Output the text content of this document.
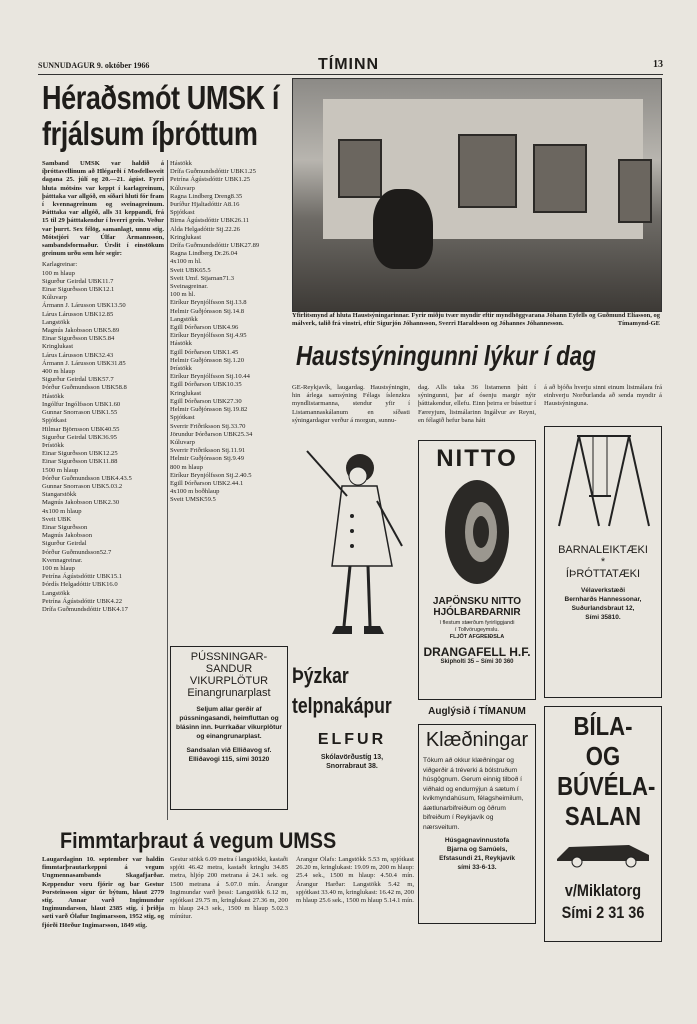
SUNNUDAGUR 9. október 1966	TÍMINN	13
Héraðsmót UMSK í
frjálsum íþróttum

Samband UMSK var haldið á íþróttavellinum að Hlégarði í Mosfellssveit dagana 25. júlí og 20.—21. ágúst. Fyrri hluta mótsins var keppt í karlagreinum, þátttaka var allgóð, en síðari hluti fór fram í kvennagreinum og sveinagreinum. Þátttaka var allgóð, alls 31 keppandi, frá 15 til 29 þátttakendur í hverri grein. Veður var þurrt. Sex félög, samanlagt, unnu stig. Mótstjóri var Úlfar Ármannsson, sambandsformaður. Úrslit í einstökum greinum urðu sem hér segir:

Karlagreinar:
100 m hlaup
Sigurður Geirdal UBK11.7
Einar Sigurðsson UBK12.1
Kúluvarp
Ármann J. Lárusson UBK13.50
Lárus Lárusson UBK12.85
Langstökk
Magnús Jakobsson UBK5.89
Einar Sigurðsson UBK5.84
Kringlukast
Lárus Lárusson UBK32.43
Ármann J. Lárusson UBK31.85
400 m hlaup
Sigurður Geirdal UBK57.7
Þórður Guðmundsson UBK58.8
Hástökk
Ingólfur Ingólfsson UBK1.60
Gunnar Snorrason UBK1.55
Spjótkast
Hilmar Björnsson UBK40.55
Sigurður Geirdal UBK36.95
Þrístökk
Einar Sigurðsson UBK12.25
Einar Sigurðsson UBK11.88
1500 m hlaup
Þórður Guðmundsson UBK4.43.5
Gunnar Snorrason UBK5.03.2
Stangarstökk
Magnús Jakobsson UBK2.30
4x100 m hlaup
Sveit UBK
Einar Sigurðsson
Magnús Jakobsson
Sigurður Geirdal
Þórður Guðmundsson52.7
Kvennagreinar.
100 m hlaup
Petrína Ágústsdóttir UBK15.1
Þórdís Helgadóttir UBK16.0
Langstökk
Petrína Ágústsdóttir UBK4.22
Drífa Guðmundsdóttir UBK4.17
Hástökk
Drífa Guðmundsdóttir UBK1.25
Petrína Ágústsdóttir UBK1.25
Kúluvarp
Ragna Lindberg Dreng8.35
Þuríður Hjaltadóttir A8.16
Spjótkast
Birna Ágústsdóttir UBK26.11
Alda Helgadóttir Stj.22.26
Kringlukast
Drífa Guðmundsdóttir UBK27.89
Ragna Lindberg Dr.26.04
4x100 m hl.
Sveit UBK65.5
Sveit Umf. Stjarnan71.3
Sveinagreinar.
100 m hl.
Eiríkur Brynjólfsson Stj.13.8
Helmir Guðjónsson Stj.14.8
Langstökk
Egill Þórðarson UBK4.96
Eiríkur Brynjólfsson Stj.4.95
Hástökk
Egill Þórðarson UBK1.45
Helmir Guðjónsson Stj.1.20
Þrístökk
Eiríkur Brynjólfsson Stj.10.44
Egill Þórðarson UBK10.35
Kringlukast
Egill Þórðarson UBK27.30
Helmir Guðjónsson Stj.19.82
Spjótkast
Sverrir Friðriksson Stj.33.70
Jörundur Þórðarson UBK25.34
Kúluvarp
Sverrir Friðriksson Stj.11.91
Helmir Guðjónsson Stj.9.49
800 m hlaup
Eiríkur Brynjólfsson Stj.2.40.5
Egill Þórðarson UBK2.44.1
4x100 m boðhlaup
Sveit UMSK59.5
Yfirlitsmynd af hluta Haustsýningarinnar. Fyrir miðju tvær myndir eftir myndhöggvarana Jóhann Eyfells og Guðmund Elíasson, og málverk, talið frá vinstri, eftir Sigurjón Jóhannsson, Sverri Haraldsson og Jóhannes Jóhannesson.	Tímamynd-GE
Haustsýningunni lýkur í dag

GE-Reykjavík, laugardag. Haustsýningin, hin árlega samsýning Félags íslenzkra myndlistarmanna, stendur yfir í Listamannaskálanum en síðasti sýningardagur verður á morgun, sunnu-

dag. Alls taka 36 listamenn þátt í sýningunni, þar af ósenju margir nýir þátttakendur, ellefu. Einn þeirra er búsettur í Færeyjum, listmálarinn Ingálvur av Reyni, en félagið hefur bana hátt

á að bjóða hverju sinni einum listmálara frá einhverju Norðurlanda að senda myndir á Haustsýninguna.

Þýzkar
telpnakápur
ELFUR
Skólavörðustíg 13,
Snorrabraut 38.
PÚSSNINGAR-
SANDUR
VIKURPLÖTUR
Einangrunarplast
Seljum allar gerðir af pússningasandi, heimfluttan og blásinn inn. Þurrkaðar vikurplötur og einangrunarplast.
Sandsalan við Elliðavog sf.
Elliðavogi 115, sími 30120
NITTO
JAPÖNSKU NITTO
HJÓLBARÐARNIR
í flestum stærðum fyrirliggjandi
í Tollvörugeymslu.
FLJÓT AFGREIÐSLA
DRANGAFELL H.F.
Skipholti 35 – Sími 30 360
BARNALEIKTÆKI
*
ÍÞRÓTTATÆKI
Vélaverkstæði
Bernharðs Hannessonar,
Suðurlandsbraut 12,
Sími 35810.
Auglýsið í TÍMANUM
Klæðningar
Tökum að okkur klæðningar og viðgerðir á tréverki á bólstruðum húsgögnum. Gerum einnig tilboð í viðhald og endurnýjun á sætum í kvikmyndahúsum, félagsheimilum, áætlunarbifreiðum og öðrum bifreiðum í Reykjavík og nærsveitum.
Húsgagnavinnustofa
Bjarna og Samúels,
Efstasundi 21, Reykjavík
sími 33-6-13.
BÍLA- OG
BÚVÉLA-
SALAN
v/Miklatorg
Sími 2 31 36
Fimmtarþraut á vegum UMSS

Laugardaginn 10. september var haldin fimmtarþrautarkeppni á vegum Ungmennasambands Skagafjarðar. Keppendur voru fjórir og bar Gestur Þorsteinsson sigur úr býtum, hlaut 2779 stig. Annar varð Ingimundur Ingimundarson, hlaut 2385 stig, í þriðja sæti varð Ólafur Ingimarsson, 1952 stig, og fjórði Hörður Ingimarsson, 1849 stig.

Gestur stökk 6.09 metra í langstökki, kastaði spjóti 46.42 metra, kastaði kringlu 34.85 metra, hljóp 200 metrana á 24.1 sek. og 1500 metrana á 5.07.0 mín. Árangur Ingimundar varð þessi: Langstökk 6.12 m, spjótkast 29.75 m, kringlukast 27.36 m, 200 m hlaup 24.3 sek., 1500 m hlaup 5.02.3 mínútur.

Árangur Ólafs: Langstökk 5.53 m, spjótkast 26.20 m, kringlukast: 19.09 m, 200 m hlaup: 25.4 sek., 1500 m hlaup: 4.50.4 mín. Árangur Harðar: Langstökk 5.42 m, spjótkast 33.40 m, kringlukast: 16.42 m, 200 m hlaup 25.6 sek., 1500 m hlaup 5.14.1 mín.
